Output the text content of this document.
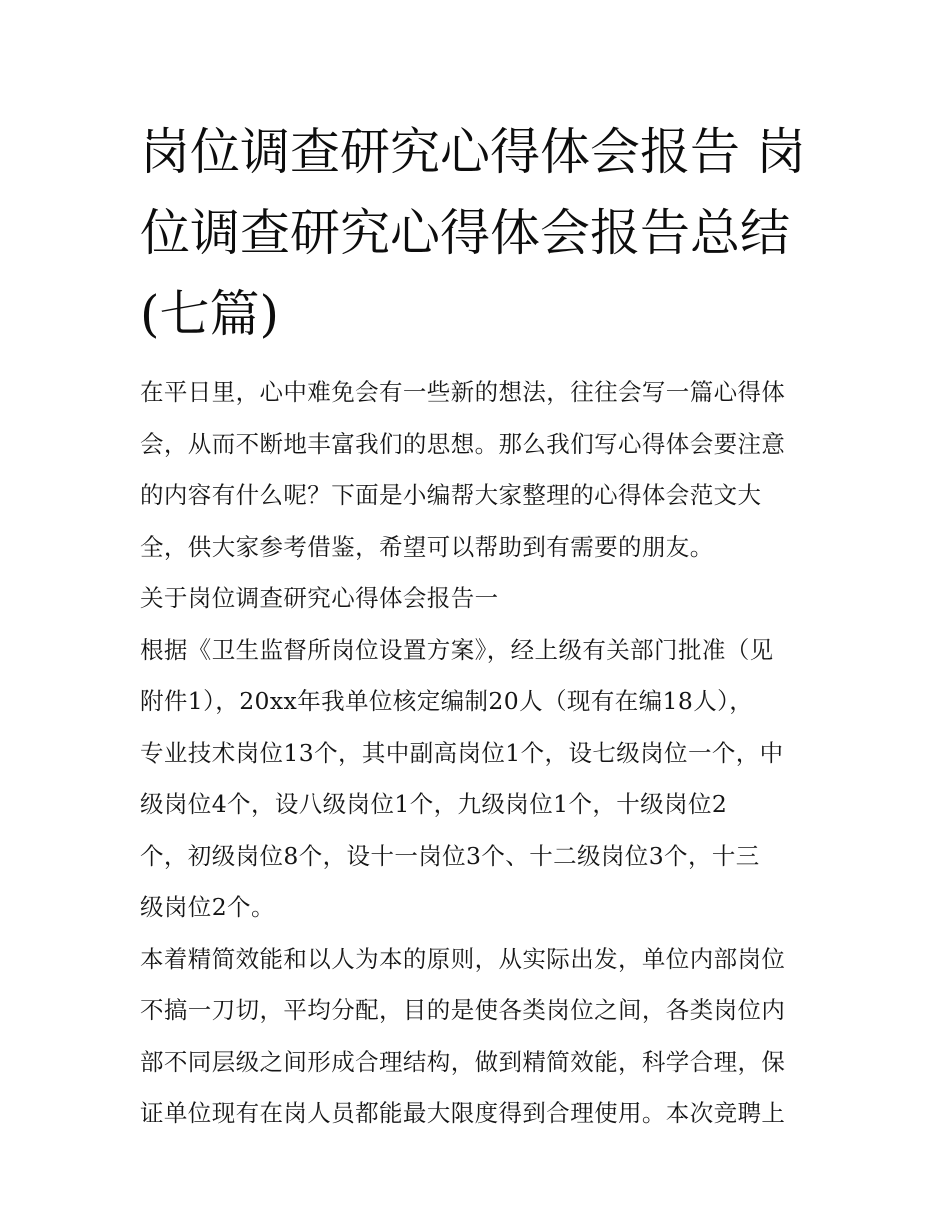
岗位调查研究心得体会报告 岗
位调查研究心得体会报告总结
(七篇)

在平日里，心中难免会有一些新的想法，往往会写一篇心得体
会，从而不断地丰富我们的思想。那么我们写心得体会要注意
的内容有什么呢？下面是小编帮大家整理的心得体会范文大
全，供大家参考借鉴，希望可以帮助到有需要的朋友。

关于岗位调查研究心得体会报告一

根据《卫生监督所岗位设置方案》，经上级有关部门批准（见
附件1），20xx年我单位核定编制20人（现有在编18人），
专业技术岗位13个，其中副高岗位1个，设七级岗位一个，中
级岗位4个，设八级岗位1个，九级岗位1个，十级岗位2
个，初级岗位8个，设十一岗位3个、十二级岗位3个，十三
级岗位2个。

本着精简效能和以人为本的原则，从实际出发，单位内部岗位
不搞一刀切，平均分配，目的是使各类岗位之间，各类岗位内
部不同层级之间形成合理结构，做到精简效能，科学合理，保
证单位现有在岗人员都能最大限度得到合理使用。本次竞聘上
